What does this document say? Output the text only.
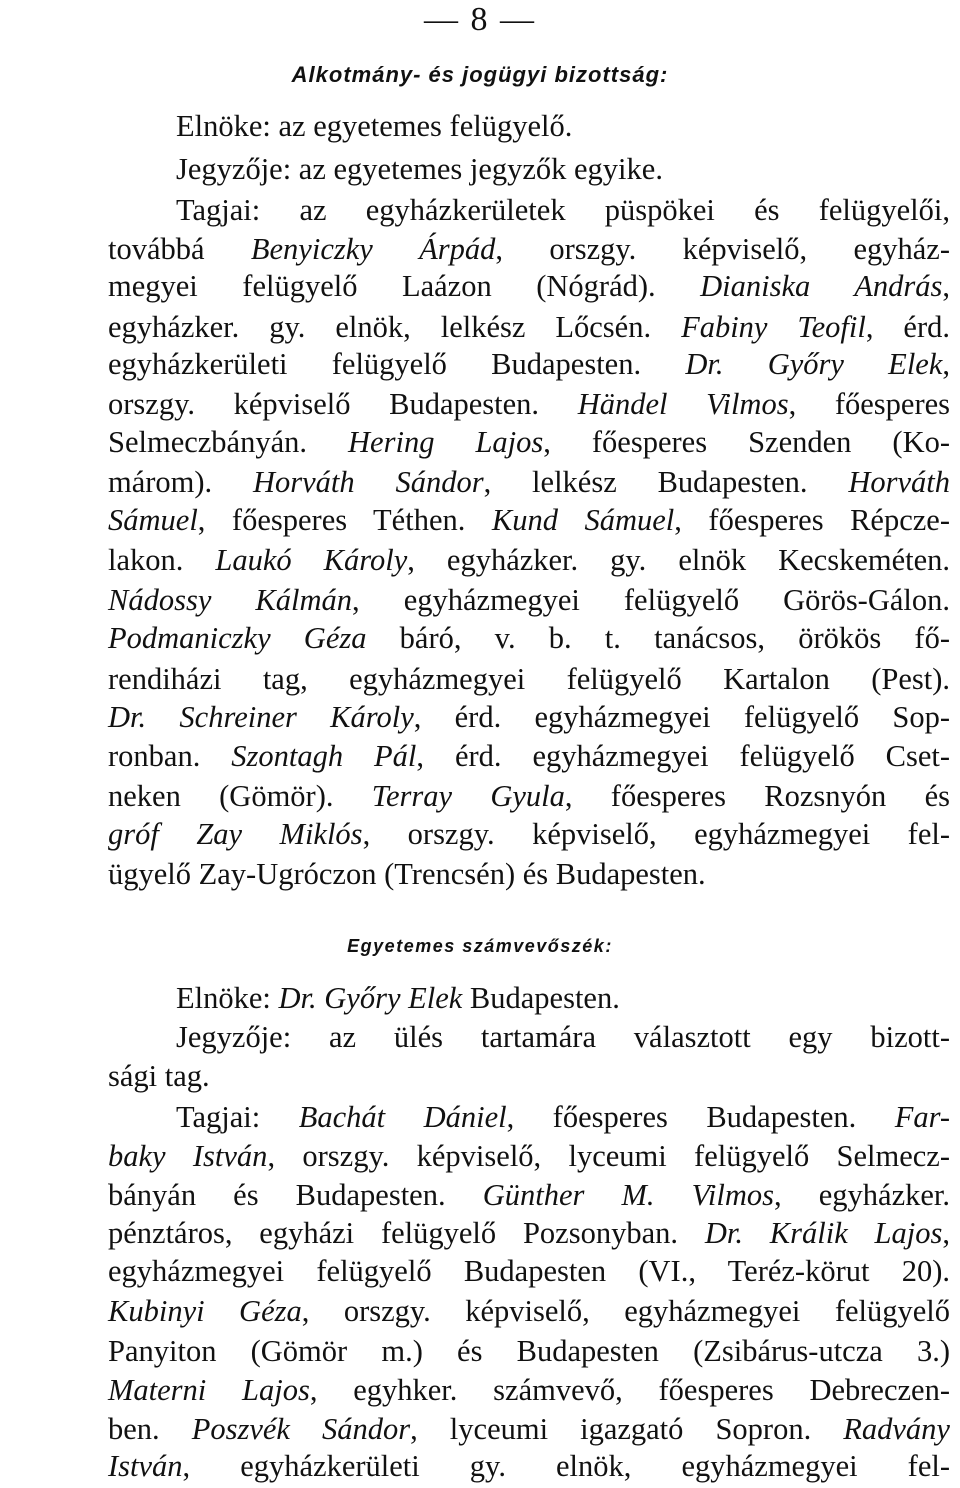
— 8 —
Alkotmány- és jogügyi bizottság:
Elnöke: az egyetemes felügyelő.
Jegyzője: az egyetemes jegyzők egyike.
Tagjai: az egyházkerületek püspökei és felügyelői,
továbbá Benyiczky Árpád, orszgy. képviselő, egyház-
megyei felügyelő Laázon (Nógrád). Dianiska András,
egyházker. gy. elnök, lelkész Lőcsén. Fabiny Teofil, érd.
egyházkerületi felügyelő Budapesten. Dr. Győry Elek,
orszgy. képviselő Budapesten. Händel Vilmos, főesperes
Selmeczbányán. Hering Lajos, főesperes Szenden (Ko-
márom). Horváth Sándor, lelkész Budapesten. Horváth
Sámuel, főesperes Téthen. Kund Sámuel, főesperes Répcze-
lakon. Laukó Károly, egyházker. gy. elnök Kecskeméten.
Nádossy Kálmán, egyházmegyei felügyelő Görös-Gálon.
Podmaniczky Géza báró, v. b. t. tanácsos, örökös fő-
rendiházi tag, egyházmegyei felügyelő Kartalon (Pest).
Dr. Schreiner Károly, érd. egyházmegyei felügyelő Sop-
ronban. Szontagh Pál, érd. egyházmegyei felügyelő Cset-
neken (Gömör). Terray Gyula, főesperes Rozsnyón és
gróf Zay Miklós, orszgy. képviselő, egyházmegyei fel-
ügyelő Zay-Ugróczon (Trencsén) és Budapesten.
Egyetemes számvevőszék:
Elnöke: Dr. Győry Elek Budapesten.
Jegyzője: az ülés tartamára választott egy bizott-
sági tag.
Tagjai: Bachát Dániel, főesperes Budapesten. Far-
baky István, orszgy. képviselő, lyceumi felügyelő Selmecz-
bányán és Budapesten. Günther M. Vilmos, egyházker.
pénztáros, egyházi felügyelő Pozsonyban. Dr. Králik Lajos,
egyházmegyei felügyelő Budapesten (VI., Teréz-körut 20).
Kubinyi Géza, orszgy. képviselő, egyházmegyei felügyelő
Panyiton (Gömör m.) és Budapesten (Zsibárus-utcza 3.)
Materni Lajos, egyhker. számvevő, főesperes Debreczen-
ben. Poszvék Sándor, lyceumi igazgató Sopron. Radvány
István, egyházkerületi gy. elnök, egyházmegyei fel-
